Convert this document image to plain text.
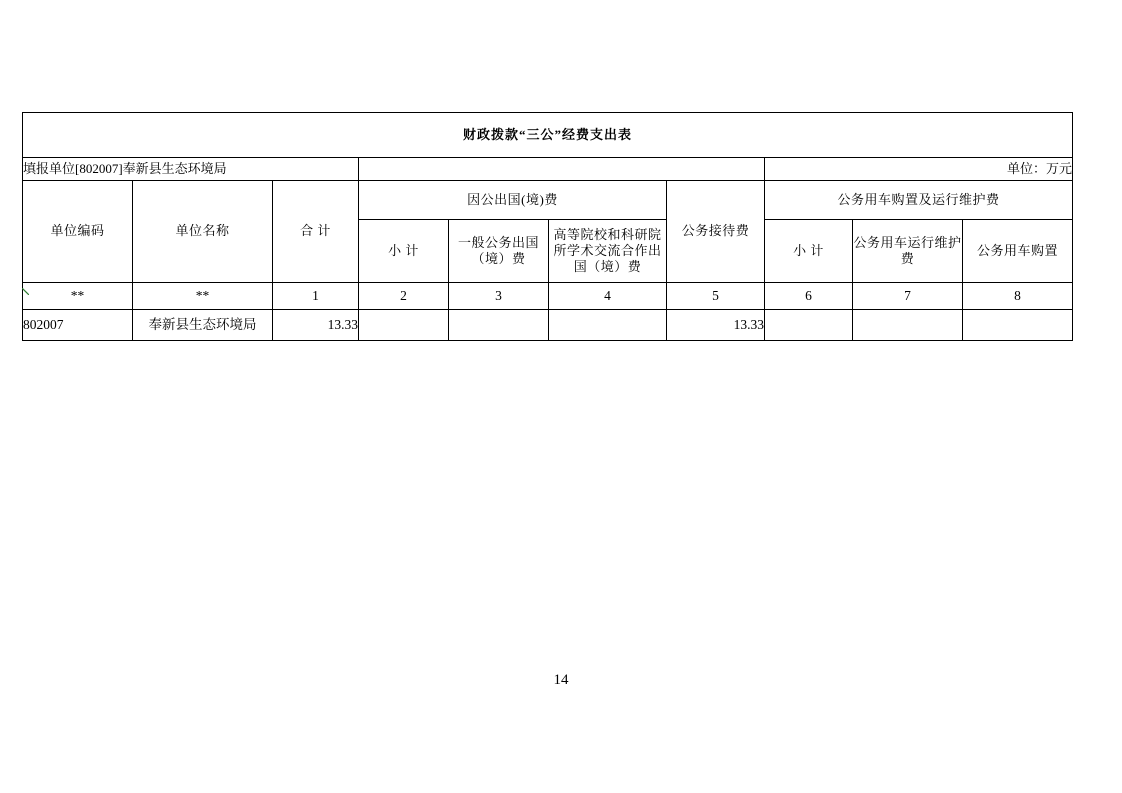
财政拨款“三公”经费支出表									
填报单位[802007]奉新县生态环境局							单位：万元		
单位编码	单位名称	合 计	因公出国(境)费			公务接待费	公务用车购置及运行维护费		
			小 计	一般公务出国（境）费	高等院校和科研院所学术交流合作出国（境）费		小 计	公务用车运行维护费	公务用车购置
**	**	1	2	3	4	5	6	7	8
802007	奉新县生态环境局	13.33				13.33			
14
